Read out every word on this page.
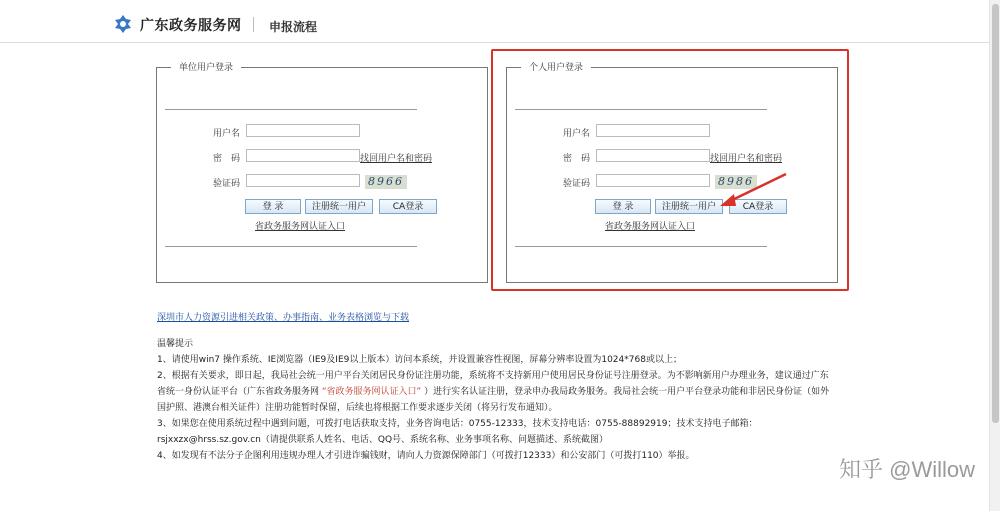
广东政务服务网 申报流程
单位用户登录
用户名
密　码	找回用户名和密码
验证码	8966
登 录	注册统一用户	CA登录
省政务服务网认证入口
个人用户登录
用户名
密　码	找回用户名和密码
验证码	8986
登 录	注册统一用户	CA登录
省政务服务网认证入口
深圳市人力资源引进相关政策、办事指南、业务表格浏览与下载

温馨提示

1、请使用win7 操作系统、IE浏览器（IE9及IE9以上版本）访问本系统，并设置兼容性视图，屏幕分辨率设置为1024*768或以上；

2、根据有关要求，即日起，我局社会统一用户平台关闭居民身份证注册功能，系统将不支持新用户使用居民身份证号注册登录。为不影响新用户办理业务，建议通过广东省统一身份认证平台（广东省政务服务网 “省政务服务网认证入口” ）进行实名认证注册，登录申办我局政务服务。我局社会统一用户平台登录功能和非居民身份证（如外国护照、港澳台相关证件）注册功能暂时保留，后续也将根据工作要求逐步关闭（将另行发布通知）。

3、如果您在使用系统过程中遇到问题，可拨打电话获取支持，业务咨询电话：0755-12333，技术支持电话：0755-88892919；技术支持电子邮箱：rsjxxzx@hrss.sz.gov.cn（请提供联系人姓名、电话、QQ号、系统名称、业务事项名称、问题描述、系统截图）

4、如发现有不法分子企图利用违规办理人才引进诈骗钱财，请向人力资源保障部门（可拨打12333）和公安部门（可拨打110）举报。

知乎 @Willow
